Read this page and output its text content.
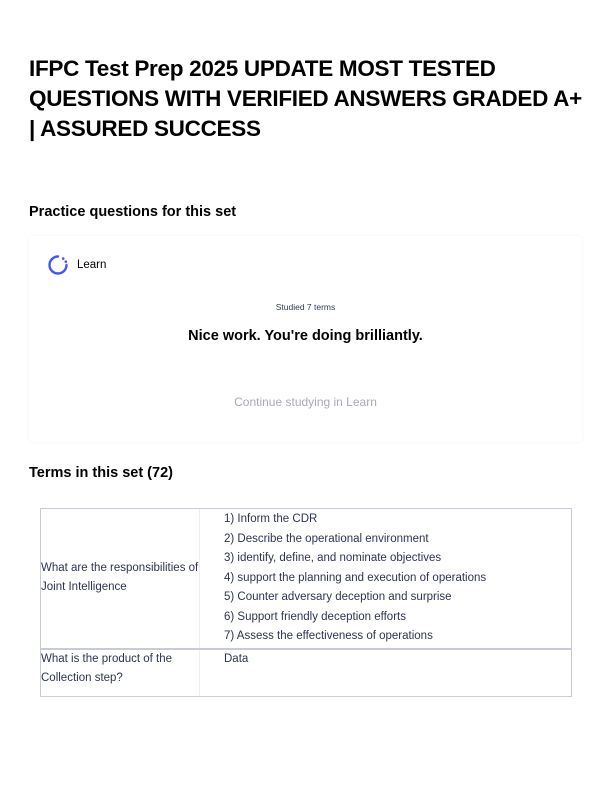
IFPC Test Prep 2025 UPDATE MOST TESTED QUESTIONS WITH VERIFIED ANSWERS GRADED A+ | ASSURED SUCCESS
Practice questions for this set
Learn
Studied 7 terms
Nice work. You're doing brilliantly.
Continue studying in Learn
Terms in this set (72)
What are the responsibilities of Joint Intelligence
1) Inform the CDR
2) Describe the operational environment
3) identify, define, and nominate objectives
4) support the planning and execution of operations
5) Counter adversary deception and surprise
6) Support friendly deception efforts
7) Assess the effectiveness of operations
What is the product of the Collection step?
Data
